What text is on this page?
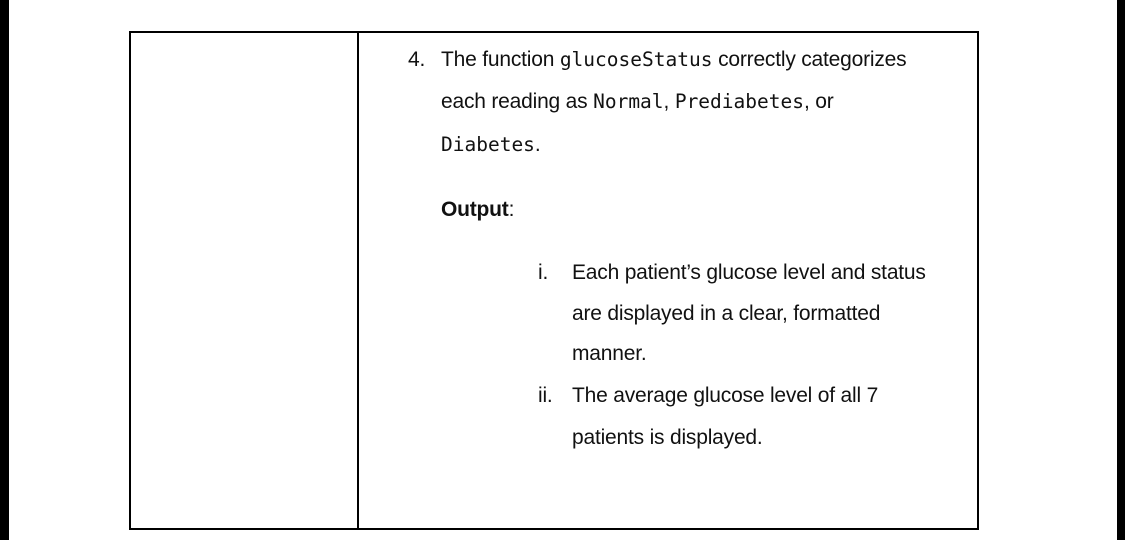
4. The function glucoseStatus correctly categorizes
each reading as Normal, Prediabetes, or
Diabetes.
Output:
i. Each patient’s glucose level and status
are displayed in a clear, formatted
manner.
ii. The average glucose level of all 7
patients is displayed.
